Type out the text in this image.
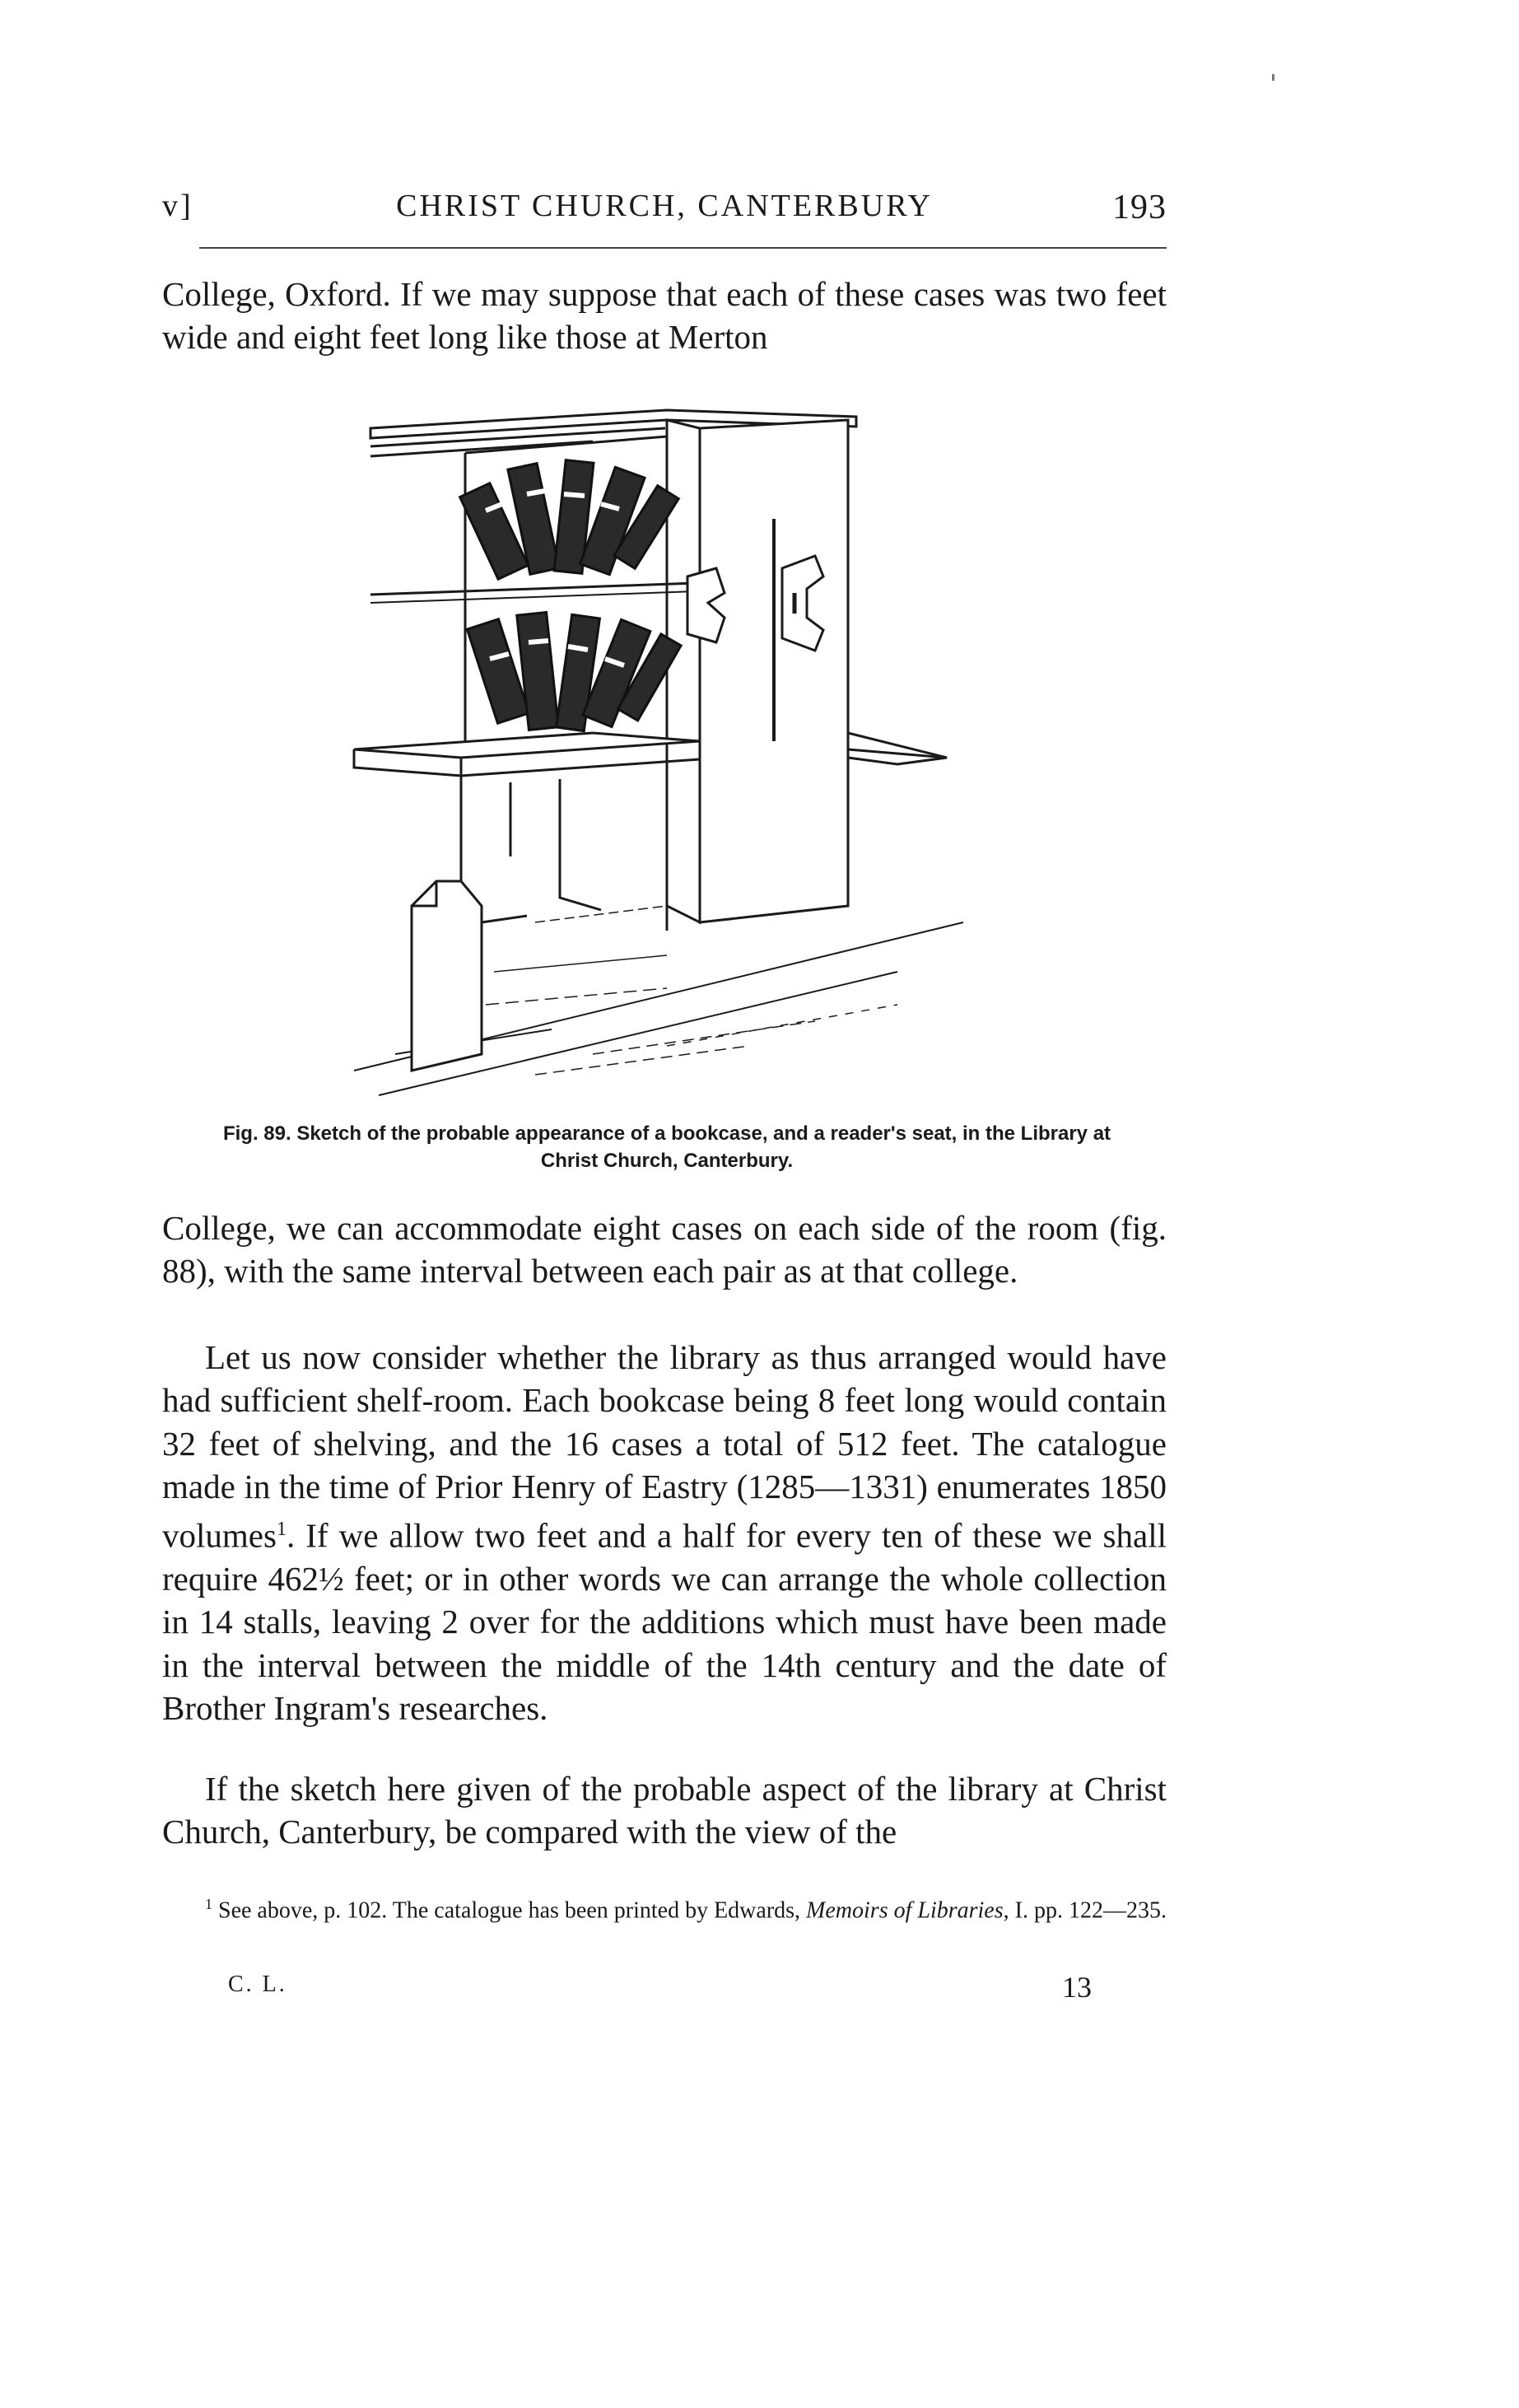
v]	CHRIST CHURCH, CANTERBURY	193

College, Oxford. If we may suppose that each of these cases was two feet wide and eight feet long like those at Merton

Fig. 89. Sketch of the probable appearance of a bookcase, and a reader's seat, in the Library at Christ Church, Canterbury.

College, we can accommodate eight cases on each side of the room (fig. 88), with the same interval between each pair as at that college.

Let us now consider whether the library as thus arranged would have had sufficient shelf-room. Each bookcase being 8 feet long would contain 32 feet of shelving, and the 16 cases a total of 512 feet. The catalogue made in the time of Prior Henry of Eastry (1285—1331) enumerates 1850 volumes$^1$. If we allow two feet and a half for every ten of these we shall require 462½ feet; or in other words we can arrange the whole collection in 14 stalls, leaving 2 over for the additions which must have been made in the interval between the middle of the 14th century and the date of Brother Ingram's researches.

If the sketch here given of the probable aspect of the library at Christ Church, Canterbury, be compared with the view of the

$^1$ See above, p. 102. The catalogue has been printed by Edwards, Memoirs of Libraries, I. pp. 122—235.

C. L.	13
